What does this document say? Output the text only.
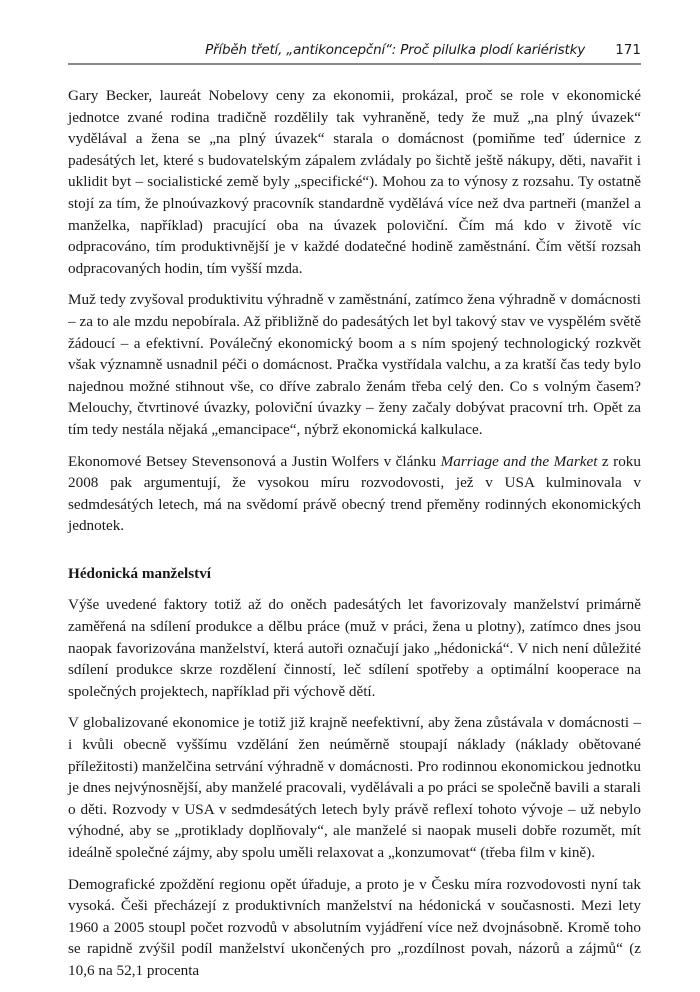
Příběh třetí, „antikoncepční“: Proč pilulka plodí kariéristky 171

Gary Becker, laureát Nobelovy ceny za ekonomii, prokázal, proč se role v ekonomické jednotce zvané rodina tradičně rozdělily tak vyhraněně, tedy že muž „na plný úvazek“ vydělával a žena se „na plný úvazek“ starala o domácnost (pomiňme teď údernice z padesátých let, které s budovatelským zápalem zvládaly po šichtě ještě nákupy, děti, navařit i uklidit byt – socialistické země byly „specifické“). Mohou za to výnosy z rozsahu. Ty ostatně stojí za tím, že plnoúvazkový pracovník standardně vydělává více než dva partneři (manžel a manželka, například) pracující oba na úvazek poloviční. Čím má kdo v životě víc odpracováno, tím produktivnější je v každé dodatečné hodině zaměstnání. Čím větší rozsah odpracovaných hodin, tím vyšší mzda.

Muž tedy zvyšoval produktivitu výhradně v zaměstnání, zatímco žena výhradně v domácnosti – za to ale mzdu nepobírala. Až přibližně do padesátých let byl takový stav ve vyspělém světě žádoucí – a efektivní. Poválečný ekonomický boom a s ním spojený technologický rozkvět však významně usnadnil péči o domácnost. Pračka vystřídala valchu, a za kratší čas tedy bylo najednou možné stihnout vše, co dříve zabralo ženám třeba celý den. Co s volným časem? Melouchy, čtvrtinové úvazky, poloviční úvazky – ženy začaly dobývat pracovní trh. Opět za tím tedy nestála nějaká „emancipace“, nýbrž ekonomická kalkulace.

Ekonomové Betsey Stevensonová a Justin Wolfers v článku Marriage and the Market z roku 2008 pak argumentují, že vysokou míru rozvodovosti, jež v USA kulminovala v sedmdesátých letech, má na svědomí právě obecný trend přeměny rodinných ekonomických jednotek.

Hédonická manželství

Výše uvedené faktory totiž až do oněch padesátých let favorizovaly manželství primárně zaměřená na sdílení produkce a dělbu práce (muž v práci, žena u plotny), zatímco dnes jsou naopak favorizována manželství, která autoři označují jako „hédonická“. V nich není důležité sdílení produkce skrze rozdělení činností, leč sdílení spotřeby a optimální kooperace na společných projektech, například při výchově dětí.

V globalizované ekonomice je totiž již krajně neefektivní, aby žena zůstávala v domácnosti – i kvůli obecně vyššímu vzdělání žen neúměrně stoupají náklady (náklady obětované příležitosti) manželčina setrvání výhradně v domácnosti. Pro rodinnou ekonomickou jednotku je dnes nejvýnosnější, aby manželé pracovali, vydělávali a po práci se společně bavili a starali o děti. Rozvody v USA v sedmdesátých letech byly právě reflexí tohoto vývoje – už nebylo výhodné, aby se „protiklady doplňovaly“, ale manželé si naopak museli dobře rozumět, mít ideálně společné zájmy, aby spolu uměli relaxovat a „konzumovat“ (třeba film v kině).

Demografické zpoždění regionu opět úřaduje, a proto je v Česku míra rozvodovosti nyní tak vysoká. Češi přecházejí z produktivních manželství na hédonická v současnosti. Mezi lety 1960 a 2005 stoupl počet rozvodů v absolutním vyjádření více než dvojnásobně. Kromě toho se rapidně zvýšil podíl manželství ukončených pro „rozdílnost povah, názorů a zájmů“ (z 10,6 na 52,1 procenta
